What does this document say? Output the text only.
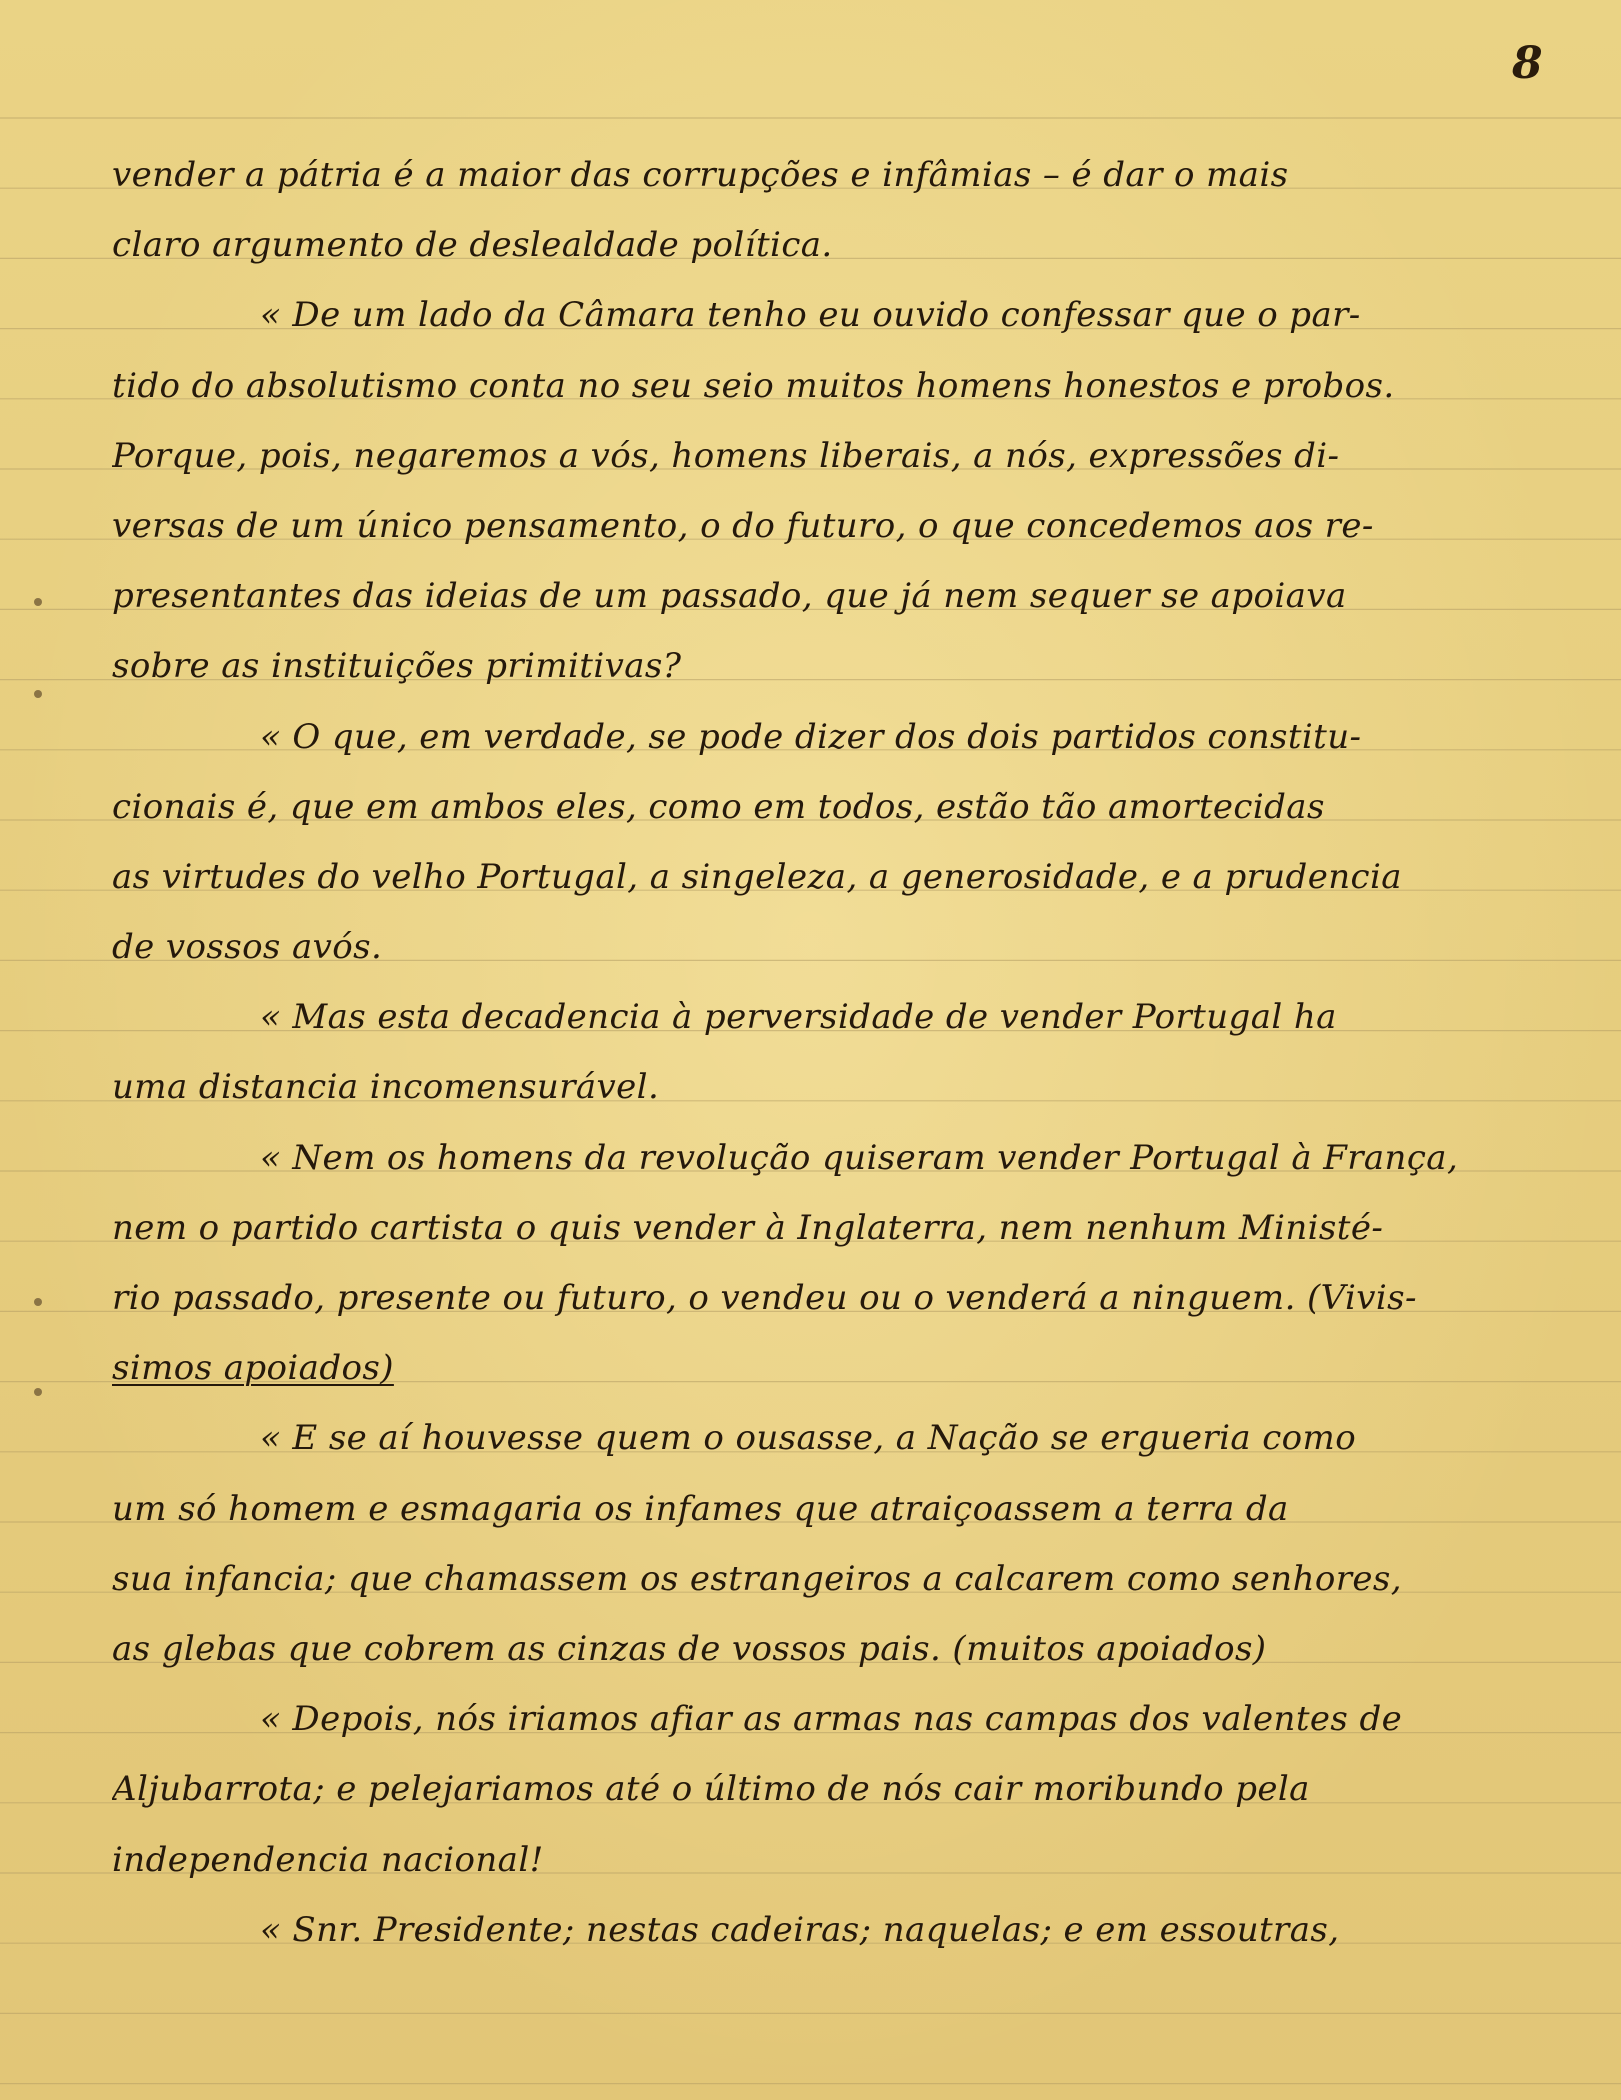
8
vender a pátria é a maior das corrupções e infâmias – é dar o mais
claro argumento de deslealdade política.
« De um lado da Câmara tenho eu ouvido confessar que o par-
tido do absolutismo conta no seu seio muitos homens honestos e probos.
Porque, pois, negaremos a vós, homens liberais, a nós, expressões di-
versas de um único pensamento, o do futuro, o que concedemos aos re-
presentantes das ideias de um passado, que já nem sequer se apoiava
sobre as instituições primitivas?
« O que, em verdade, se pode dizer dos dois partidos constitu-
cionais é, que em ambos eles, como em todos, estão tão amortecidas
as virtudes do velho Portugal, a singeleza, a generosidade, e a prudencia
de vossos avós.
« Mas esta decadencia à perversidade de vender Portugal ha
uma distancia incomensurável.
« Nem os homens da revolução quiseram vender Portugal à França,
nem o partido cartista o quis vender à Inglaterra, nem nenhum Ministé-
rio passado, presente ou futuro, o vendeu ou o venderá a ninguem. (Vivis-
simos apoiados)
« E se aí houvesse quem o ousasse, a Nação se ergueria como
um só homem e esmagaria os infames que atraiçoassem a terra da
sua infancia; que chamassem os estrangeiros a calcarem como senhores,
as glebas que cobrem as cinzas de vossos pais. (muitos apoiados)
« Depois, nós iriamos afiar as armas nas campas dos valentes de
Aljubarrota; e pelejariamos até o último de nós cair moribundo pela
independencia nacional!
« Snr. Presidente; nestas cadeiras; naquelas; e em essoutras,
